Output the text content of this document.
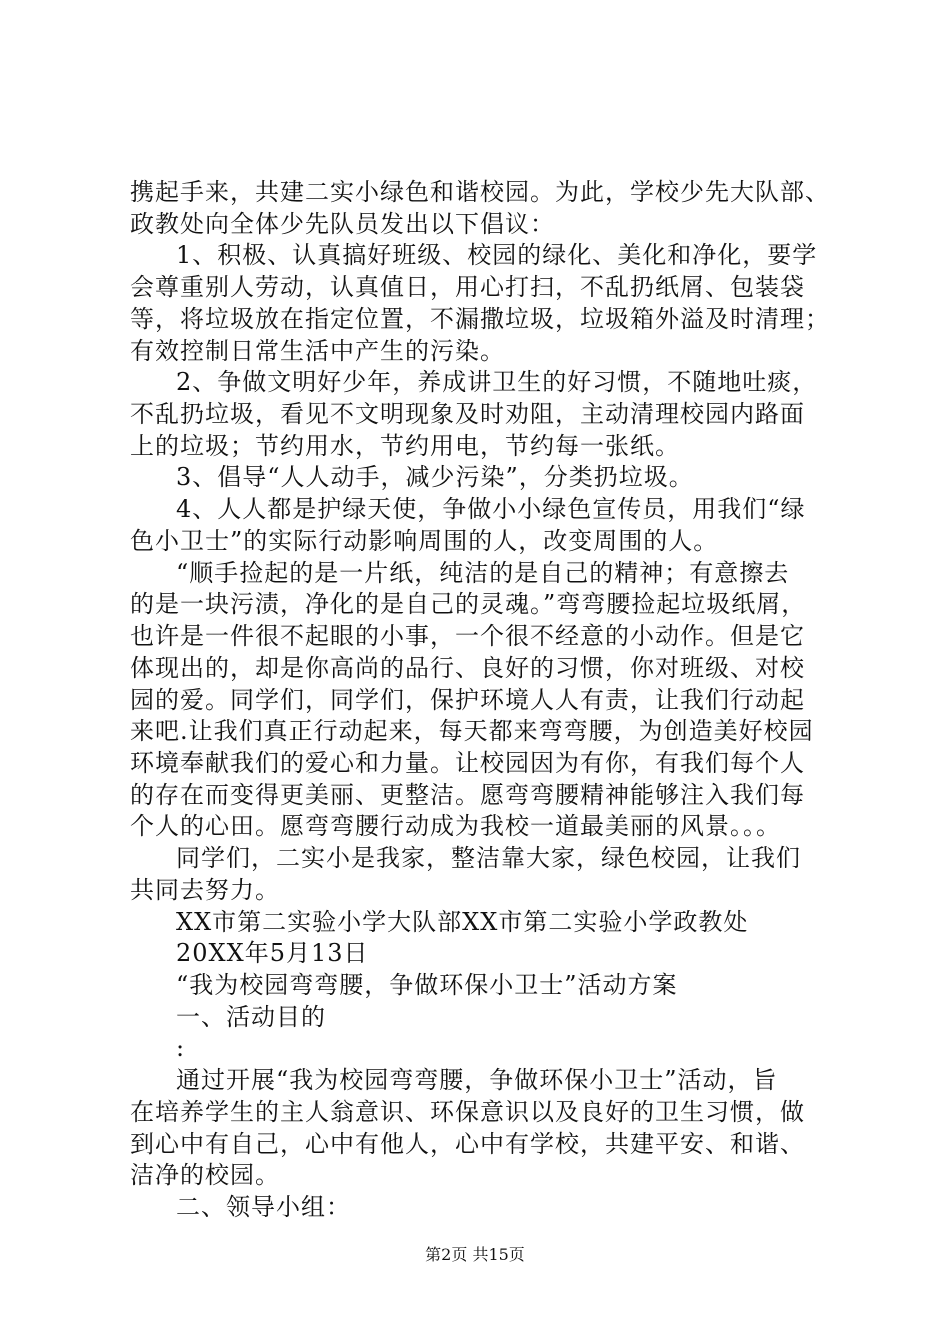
携起手来，共建二实小绿色和谐校园。为此，学校少先大队部、
政教处向全体少先队员发出以下倡议：
1、积极、认真搞好班级、校园的绿化、美化和净化，要学
会尊重别人劳动，认真值日，用心打扫，不乱扔纸屑、包装袋
等，将垃圾放在指定位置，不漏撒垃圾，垃圾箱外溢及时清理；
有效控制日常生活中产生的污染。
2、争做文明好少年，养成讲卫生的好习惯，不随地吐痰，
不乱扔垃圾，看见不文明现象及时劝阻，主动清理校园内路面
上的垃圾；节约用水，节约用电，节约每一张纸。
3、倡导“人人动手，减少污染”，分类扔垃圾。
4、人人都是护绿天使，争做小小绿色宣传员，用我们“绿
色小卫士”的实际行动影响周围的人，改变周围的人。
“顺手捡起的是一片纸，纯洁的是自己的精神；有意擦去
的是一块污渍，净化的是自己的灵魂。”弯弯腰捡起垃圾纸屑，
也许是一件很不起眼的小事，一个很不经意的小动作。但是它
体现出的，却是你高尚的品行、良好的习惯，你对班级、对校
园的爱。同学们，同学们，保护环境人人有责，让我们行动起
来吧.让我们真正行动起来，每天都来弯弯腰，为创造美好校园
环境奉献我们的爱心和力量。让校园因为有你，有我们每个人
的存在而变得更美丽、更整洁。愿弯弯腰精神能够注入我们每
个人的心田。愿弯弯腰行动成为我校一道最美丽的风景。。。
同学们，二实小是我家，整洁靠大家，绿色校园，让我们
共同去努力。
XX市第二实验小学大队部XX市第二实验小学政教处
20XX年5月13日
“我为校园弯弯腰，争做环保小卫士”活动方案
一、活动目的
:
通过开展“我为校园弯弯腰，争做环保小卫士”活动，旨
在培养学生的主人翁意识、环保意识以及良好的卫生习惯，做
到心中有自己，心中有他人，心中有学校，共建平安、和谐、
洁净的校园。
二、领导小组：
第2页 共15页
